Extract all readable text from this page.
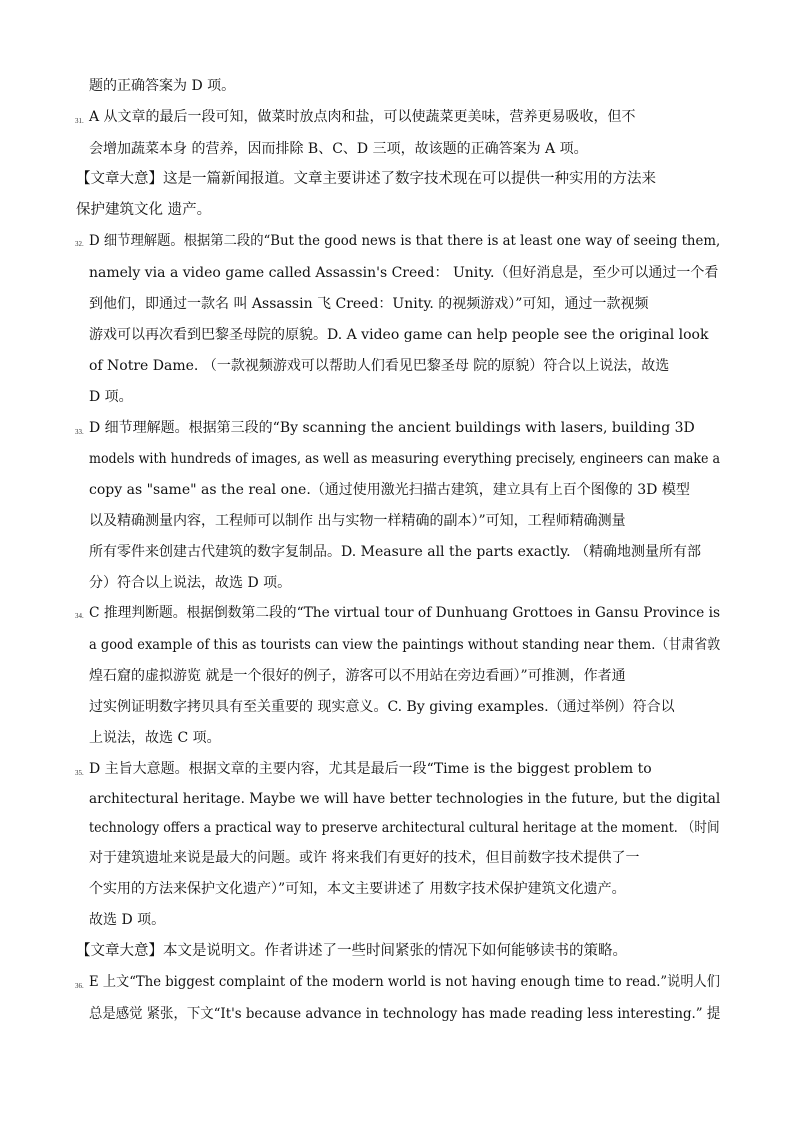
题的正确答案为 D 项。
31. A 从文章的最后一段可知，做菜时放点肉和盐，可以使蔬菜更美味，营养更易吸收，但不
会增加蔬菜本身 的营养，因而排除 B、C、D 三项，故该题的正确答案为 A 项。
【文章大意】这是一篇新闻报道。文章主要讲述了数字技术现在可以提供一种实用的方法来
保护建筑文化 遗产。
32. D 细节理解题。根据第二段的“But the good news is that there is at least one way of seeing them,
namely via a video game called Assassin's Creed： Unity.（但好消息是，至少可以通过一个看
到他们，即通过一款名 叫 Assassin 飞 Creed：Unity. 的视频游戏）”可知，通过一款视频
游戏可以再次看到巴黎圣母院的原貌。D. A video game can help people see the original look
of Notre Dame. （一款视频游戏可以帮助人们看见巴黎圣母 院的原貌）符合以上说法，故选
D 项。
33. D 细节理解题。根据第三段的“By scanning the ancient buildings with lasers, building 3D
models with hundreds of images, as well as measuring everything precisely, engineers can make a
copy as "same" as the real one.（通过使用激光扫描古建筑，建立具有上百个图像的 3D 模型
以及精确测量内容，工程师可以制作 出与实物一样精确的副本）”可知，工程师精确测量
所有零件来创建古代建筑的数字复制品。D. Measure all the parts exactly. （精确地测量所有部
分）符合以上说法，故选 D 项。
34. C 推理判断题。根据倒数第二段的“The virtual tour of Dunhuang Grottoes in Gansu Province is
a good example of this as tourists can view the paintings without standing near them.（甘肃省敦
煌石窟的虚拟游览 就是一个很好的例子，游客可以不用站在旁边看画）”可推测，作者通
过实例证明数字拷贝具有至关重要的 现实意义。C. By giving examples.（通过举例）符合以
上说法，故选 C 项。
35. D 主旨大意题。根据文章的主要内容，尤其是最后一段“Time is the biggest problem to
architectural heritage. Maybe we will have better technologies in the future, but the digital
technology offers a practical way to preserve architectural cultural heritage at the moment. （时间
对于建筑遗址来说是最大的问题。或许 将来我们有更好的技术，但目前数字技术提供了一
个实用的方法来保护文化遗产）”可知，本文主要讲述了 用数字技术保护建筑文化遗产。
故选 D 项。
【文章大意】本文是说明文。作者讲述了一些时间紧张的情况下如何能够读书的策略。
36. E 上文“The biggest complaint of the modern world is not having enough time to read.”说明人们
总是感觉 紧张，下文“It's because advance in technology has made reading less interesting.” 提
